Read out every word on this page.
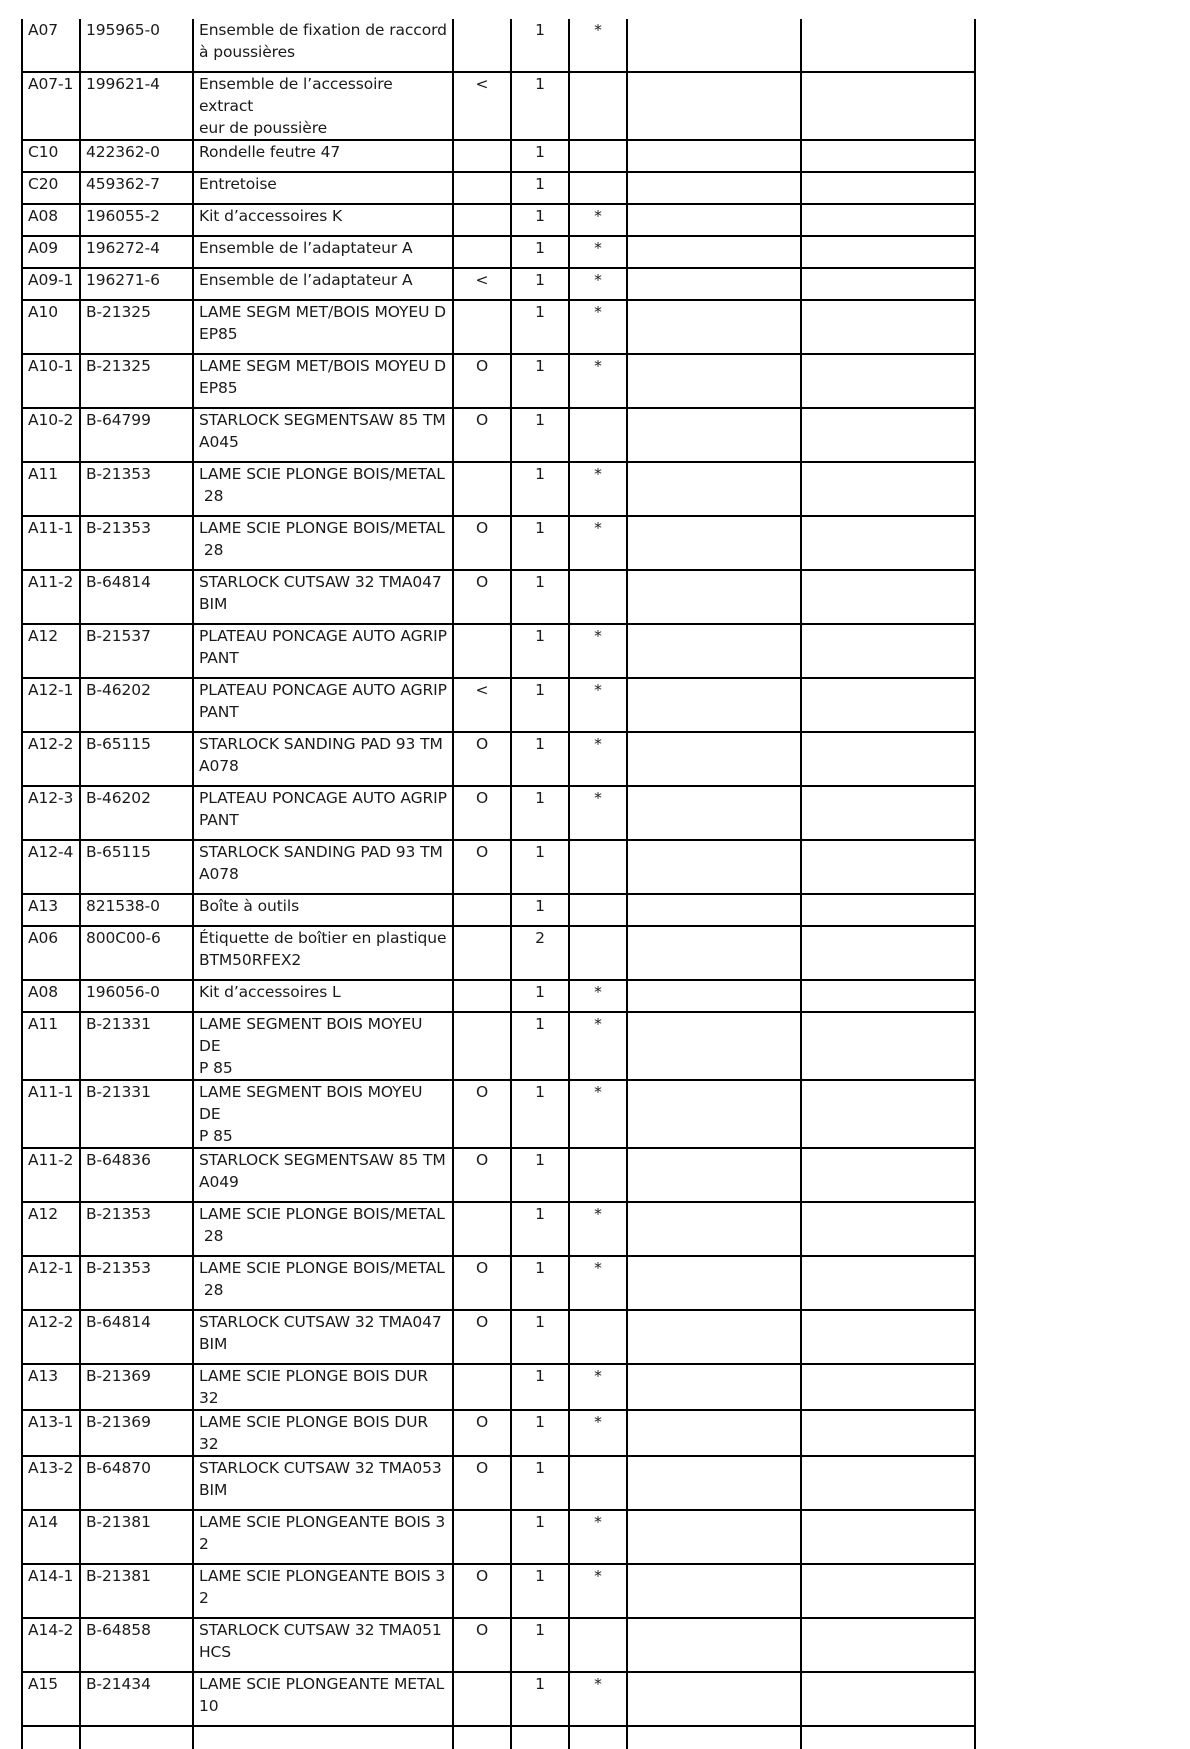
A07	195965-0	Ensemble de fixation de raccord
à poussières		1	*		

A07-1	199621-4	Ensemble de l’accessoire extract
eur de poussière	<	1			

C10	422362-0	Rondelle feutre 47		1			

C20	459362-7	Entretoise		1			

A08	196055-2	Kit d’accessoires K		1	*		

A09	196272-4	Ensemble de l’adaptateur A		1	*		

A09-1	196271-6	Ensemble de l’adaptateur A	<	1	*		

A10	B-21325	LAME SEGM MET/BOIS MOYEU D
EP85		1	*		

A10-1	B-21325	LAME SEGM MET/BOIS MOYEU D
EP85	O	1	*		

A10-2	B-64799	STARLOCK SEGMENTSAW 85 TM
A045	O	1			

A11	B-21353	LAME SCIE PLONGE BOIS/METAL
28		1	*		

A11-1	B-21353	LAME SCIE PLONGE BOIS/METAL
28	O	1	*		

A11-2	B-64814	STARLOCK CUTSAW 32 TMA047
BIM	O	1			

A12	B-21537	PLATEAU PONCAGE AUTO AGRIP
PANT		1	*		

A12-1	B-46202	PLATEAU PONCAGE AUTO AGRIP
PANT	<	1	*		

A12-2	B-65115	STARLOCK SANDING PAD 93 TM
A078	O	1	*		

A12-3	B-46202	PLATEAU PONCAGE AUTO AGRIP
PANT	O	1	*		

A12-4	B-65115	STARLOCK SANDING PAD 93 TM
A078	O	1			

A13	821538-0	Boîte à outils		1			

A06	800C00-6	Étiquette de boîtier en plastique
BTM50RFEX2		2			

A08	196056-0	Kit d’accessoires L		1	*		

A11	B-21331	LAME SEGMENT BOIS MOYEU DE
P 85		1	*		

A11-1	B-21331	LAME SEGMENT BOIS MOYEU DE
P 85	O	1	*		

A11-2	B-64836	STARLOCK SEGMENTSAW 85 TM
A049	O	1			

A12	B-21353	LAME SCIE PLONGE BOIS/METAL
28		1	*		

A12-1	B-21353	LAME SCIE PLONGE BOIS/METAL
28	O	1	*		

A12-2	B-64814	STARLOCK CUTSAW 32 TMA047
BIM	O	1			

A13	B-21369	LAME SCIE PLONGE BOIS DUR 32		1	*		

A13-1	B-21369	LAME SCIE PLONGE BOIS DUR 32	O	1	*		

A13-2	B-64870	STARLOCK CUTSAW 32 TMA053
BIM	O	1			

A14	B-21381	LAME SCIE PLONGEANTE BOIS 3
2		1	*		

A14-1	B-21381	LAME SCIE PLONGEANTE BOIS 3
2	O	1	*		

A14-2	B-64858	STARLOCK CUTSAW 32 TMA051
HCS	O	1			

A15	B-21434	LAME SCIE PLONGEANTE METAL
10		1	*		
